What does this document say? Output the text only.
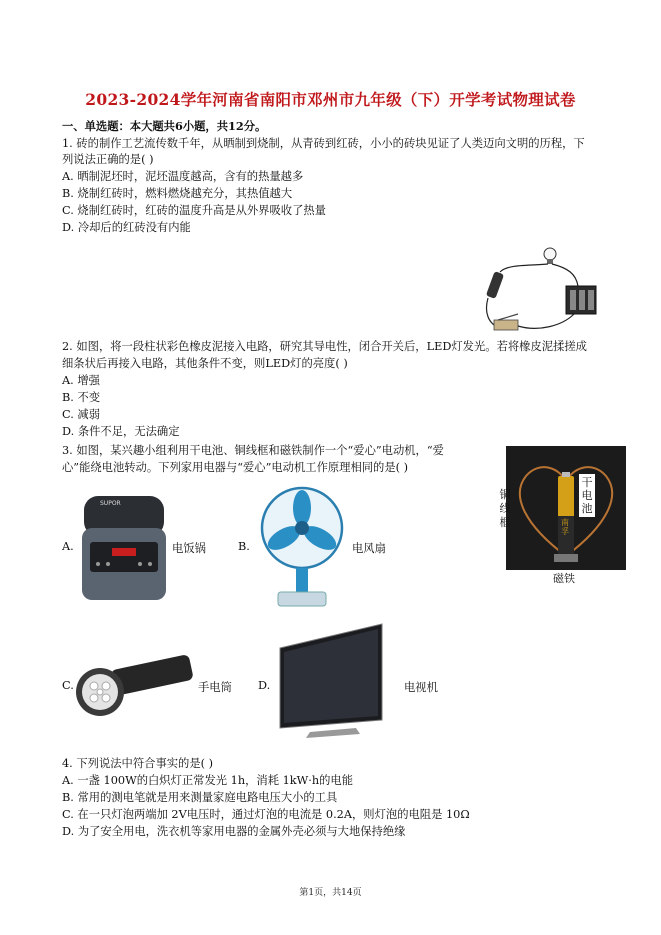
2023-2024学年河南省南阳市邓州市九年级（下）开学考试物理试卷
一、单选题：本大题共6小题，共12分。
1. 砖的制作工艺流传数千年，从晒制到烧制，从青砖到红砖，小小的砖块见证了人类迈向文明的历程，下
列说法正确的是( )
A. 晒制泥坯时，泥坯温度越高，含有的热量越多
B. 烧制红砖时，燃料燃烧越充分，其热值越大
C. 烧制红砖时，红砖的温度升高是从外界吸收了热量
D. 冷却后的红砖没有内能
2. 如图，将一段柱状彩色橡皮泥接入电路，研究其导电性，闭合开关后，LED灯发光。若将橡皮泥揉搓成
细条状后再接入电路，其他条件不变，则LED灯的亮度( )
A. 增强
B. 不变
C. 减弱
D. 条件不足，无法确定
3. 如图，某兴趣小组利用干电池、铜线框和磁铁制作一个“爱心”电动机，“爱
心”能绕电池转动。下列家用电器与“爱心”电动机工作原理相同的是( )
干电池
南孚
铜线框
磁铁
A.
SUPOR
电饭锅	B.	电风扇
C.	手电筒 D.	电视机
4. 下列说法中符合事实的是( )
A. 一盏 100W的白炽灯正常发光 1h，消耗 1kW·h的电能
B. 常用的测电笔就是用来测量家庭电路电压大小的工具
C. 在一只灯泡两端加 2V电压时，通过灯泡的电流是 0.2A，则灯泡的电阻是 10Ω
D. 为了安全用电，洗衣机等家用电器的金属外壳必须与大地保持绝缘
第1页，共14页
